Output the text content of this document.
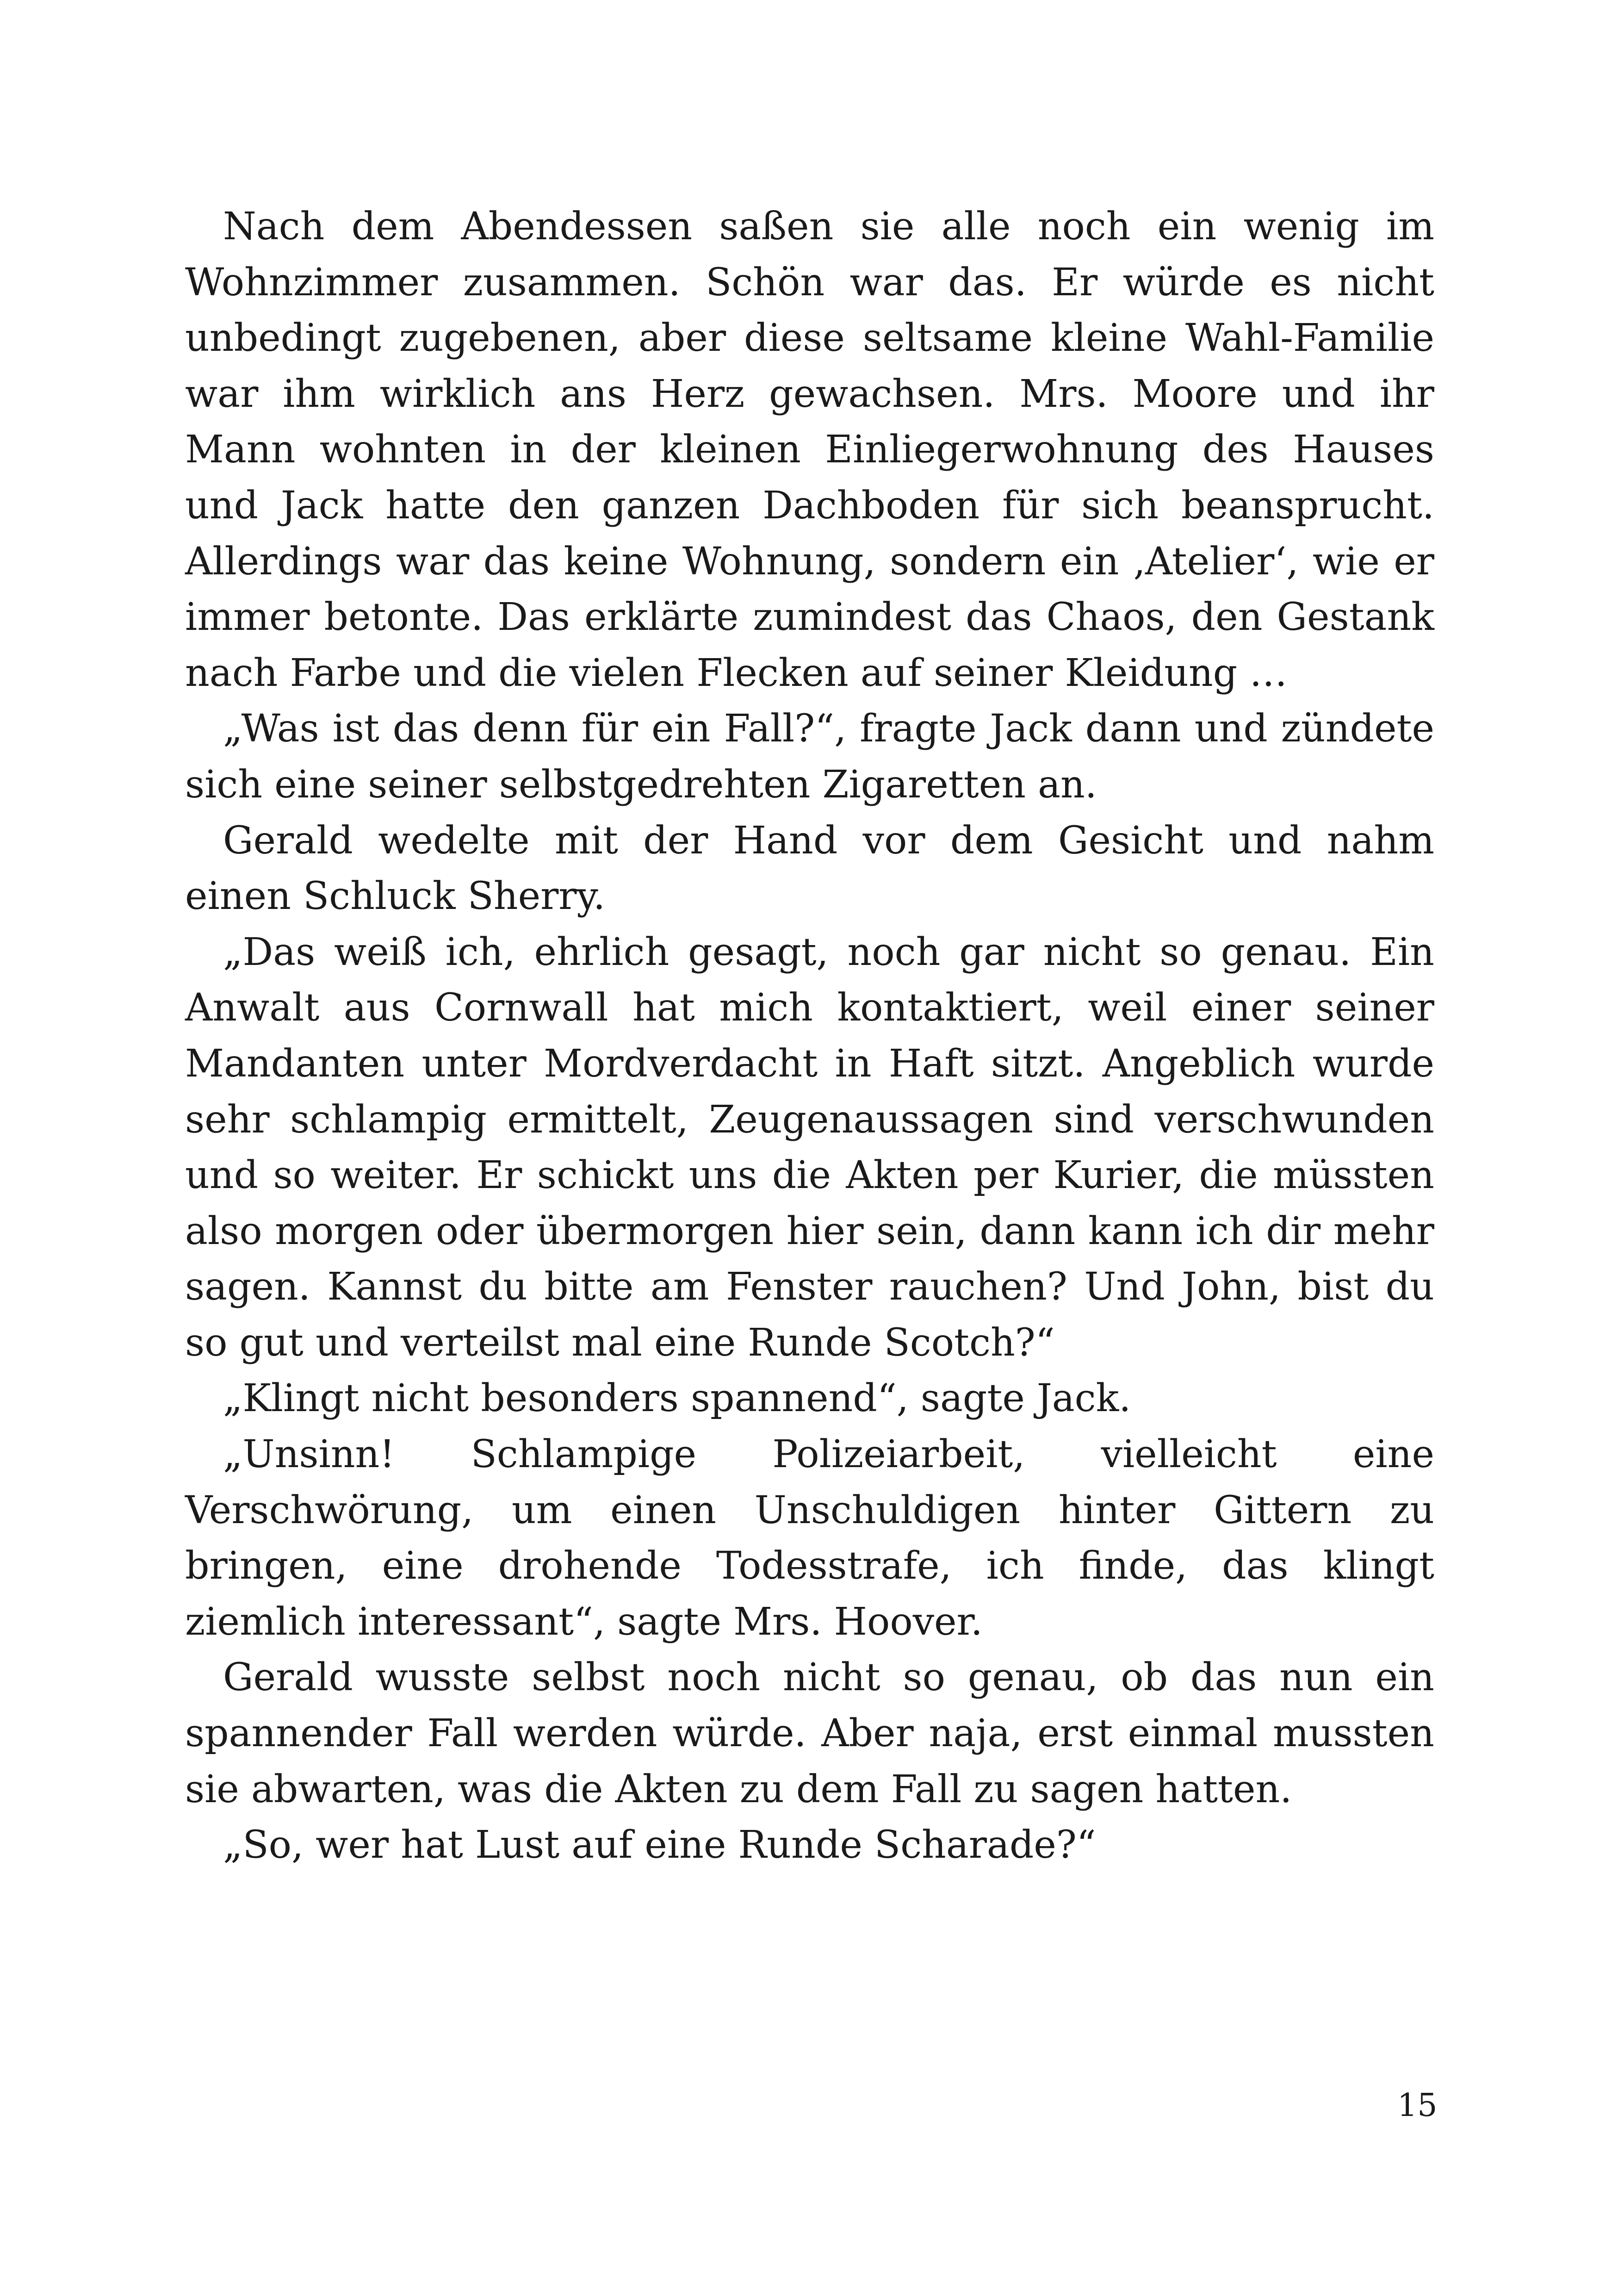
Nach dem Abendessen saßen sie alle noch ein wenig im Wohnzimmer zusammen. Schön war das. Er würde es nicht unbedingt zugebenen, aber diese seltsame kleine Wahl-Familie war ihm wirklich ans Herz gewachsen. Mrs. Moore und ihr Mann wohnten in der kleinen Einliegerwohnung des Hauses und Jack hatte den ganzen Dachboden für sich beansprucht. Allerdings war das keine Wohnung, sondern ein ‚Atelier‘, wie er immer betonte. Das erklärte zumindest das Chaos, den Gestank nach Farbe und die vielen Flecken auf seiner Kleidung …

„Was ist das denn für ein Fall?“, fragte Jack dann und zündete sich eine seiner selbstgedrehten Zigaretten an.

Gerald wedelte mit der Hand vor dem Gesicht und nahm einen Schluck Sherry.

„Das weiß ich, ehrlich gesagt, noch gar nicht so genau. Ein Anwalt aus Cornwall hat mich kontaktiert, weil einer seiner Mandanten unter Mordverdacht in Haft sitzt. Angeblich wurde sehr schlampig ermittelt, Zeugenaussagen sind verschwunden und so weiter. Er schickt uns die Akten per Kurier, die müssten also morgen oder übermorgen hier sein, dann kann ich dir mehr sagen. Kannst du bitte am Fenster rauchen? Und John, bist du so gut und verteilst mal eine Runde Scotch?“

„Klingt nicht besonders spannend“, sagte Jack.

„Unsinn! Schlampige Polizeiarbeit, vielleicht eine Verschwörung, um einen Unschuldigen hinter Gittern zu bringen, eine drohende Todesstrafe, ich finde, das klingt ziemlich interessant“, sagte Mrs. Hoover.

Gerald wusste selbst noch nicht so genau, ob das nun ein spannender Fall werden würde. Aber naja, erst einmal mussten sie abwarten, was die Akten zu dem Fall zu sagen hatten.

„So, wer hat Lust auf eine Runde Scharade?“

15
